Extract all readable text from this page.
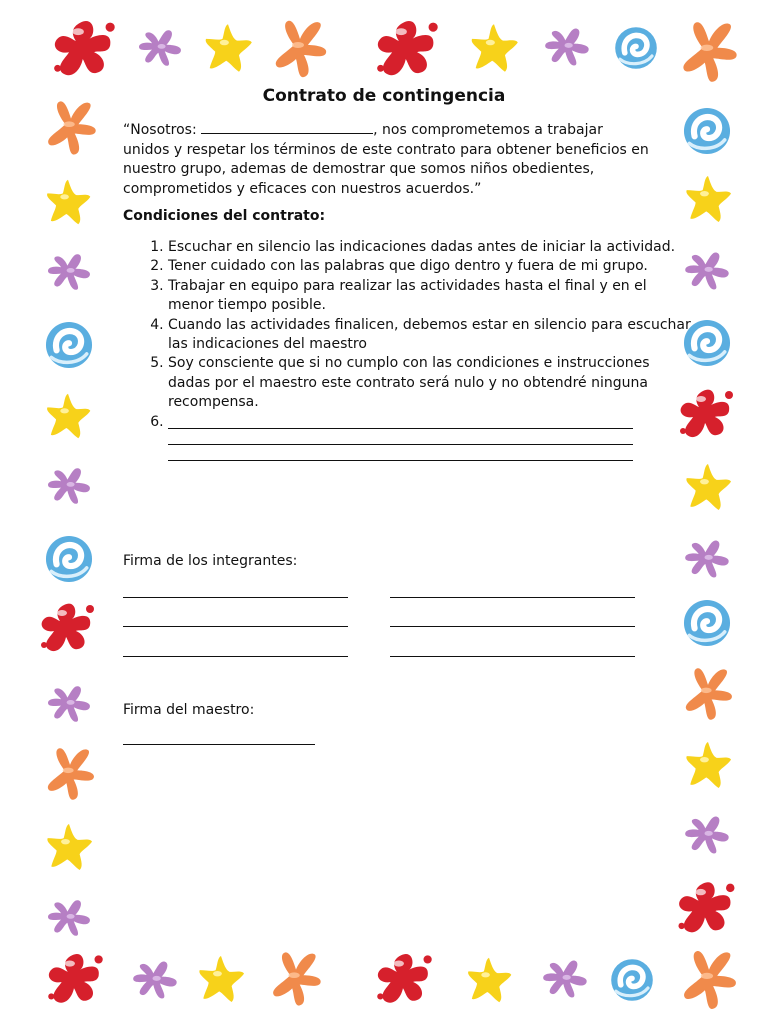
Contrato de contingencia
“Nosotros:	, nos comprometemos a trabajar unidos y respetar los términos de este contrato para obtener beneficios en nuestro grupo, ademas de demostrar que somos niños obedientes, comprometidos y eficaces con nuestros acuerdos.”
Condiciones del contrato:
1. Escuchar en silencio las indicaciones dadas antes de iniciar la actividad.
2. Tener cuidado con las palabras que digo dentro y fuera de mi grupo.
3. Trabajar en equipo para realizar las actividades hasta el final y en el menor tiempo posible.
4. Cuando las actividades finalicen, debemos estar en silencio para escuchar las indicaciones del maestro
5. Soy consciente que si no cumplo con las condiciones e instrucciones dadas por el maestro este contrato será nulo y no obtendré ninguna recompensa.
6.
Firma de los integrantes:
Firma del maestro:
